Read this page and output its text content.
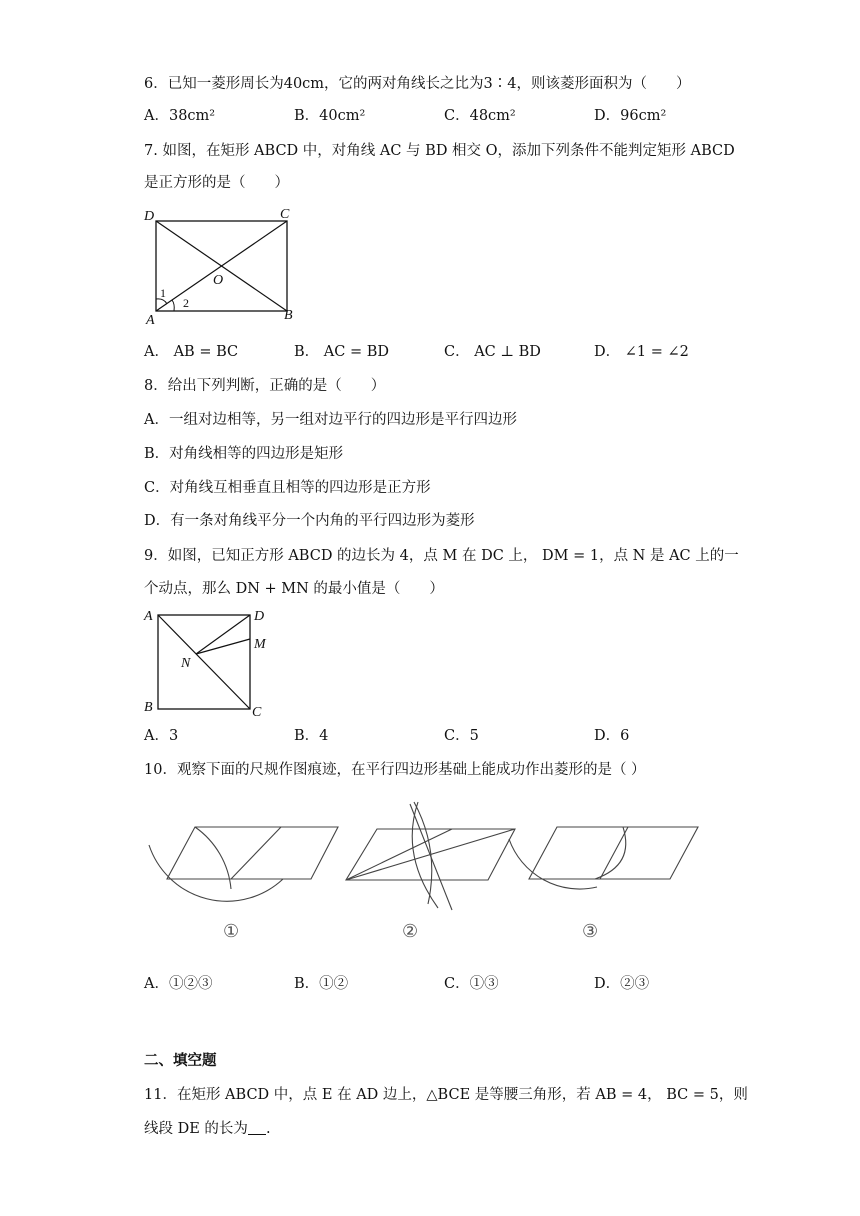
6．已知一菱形周长为40cm，它的两对角线长之比为3∶4，则该菱形面积为（　　）
A．38cm²	B．40cm²	C．48cm²	D．96cm²
7. 如图，在矩形 ABCD 中，对角线 AC 与 BD 相交 O，添加下列条件不能判定矩形 ABCD
是正方形的是（　　）
D	C
A	B
O
1
2
A． AB = BC	B． AC = BD	C． AC ⊥ BD	D． ∠1 = ∠2
8．给出下列判断，正确的是（　　）
A．一组对边相等，另一组对边平行的四边形是平行四边形
B．对角线相等的四边形是矩形
C．对角线互相垂直且相等的四边形是正方形
D．有一条对角线平分一个内角的平行四边形为菱形
9．如图，已知正方形 ABCD 的边长为 4，点 M 在 DC 上， DM = 1，点 N 是 AC 上的一
个动点，那么 DN + MN 的最小值是（　　）
A	D
M
N
B	C
A．3	B．4	C．5	D．6
10．观察下面的尺规作图痕迹，在平行四边形基础上能成功作出菱形的是（ ）
①	②	③
A．①②③	B．①②	C．①③	D．②③
二、填空题
11．在矩形 ABCD 中，点 E 在 AD 边上，△BCE 是等腰三角形，若 AB = 4， BC = 5，则
线段 DE 的长为 .
